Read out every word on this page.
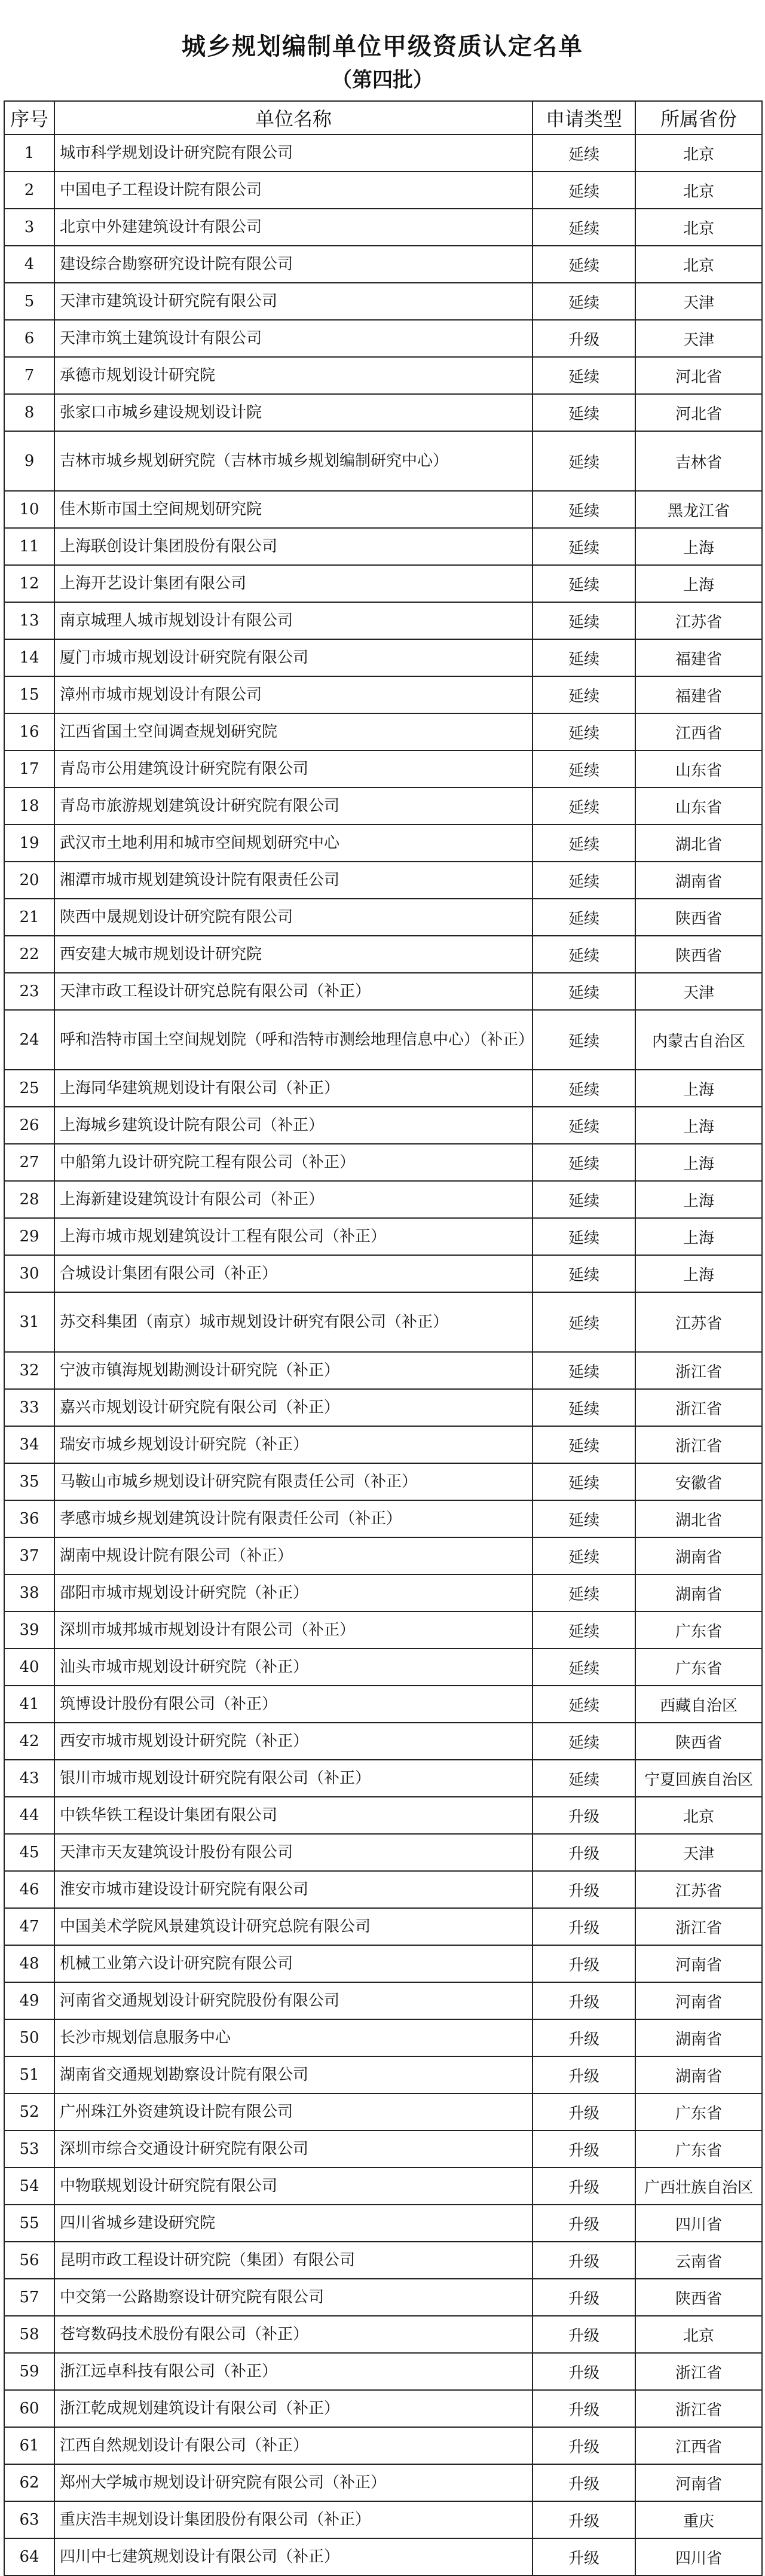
城乡规划编制单位甲级资质认定名单
（第四批）
序号	单位名称	申请类型	所属省份
1	城市科学规划设计研究院有限公司	延续	北京
2	中国电子工程设计院有限公司	延续	北京
3	北京中外建建筑设计有限公司	延续	北京
4	建设综合勘察研究设计院有限公司	延续	北京
5	天津市建筑设计研究院有限公司	延续	天津
6	天津市筑土建筑设计有限公司	升级	天津
7	承德市规划设计研究院	延续	河北省
8	张家口市城乡建设规划设计院	延续	河北省
9	吉林市城乡规划研究院（吉林市城乡规划编制研究中心）	延续	吉林省
10	佳木斯市国土空间规划研究院	延续	黑龙江省
11	上海联创设计集团股份有限公司	延续	上海
12	上海开艺设计集团有限公司	延续	上海
13	南京城理人城市规划设计有限公司	延续	江苏省
14	厦门市城市规划设计研究院有限公司	延续	福建省
15	漳州市城市规划设计有限公司	延续	福建省
16	江西省国土空间调查规划研究院	延续	江西省
17	青岛市公用建筑设计研究院有限公司	延续	山东省
18	青岛市旅游规划建筑设计研究院有限公司	延续	山东省
19	武汉市土地利用和城市空间规划研究中心	延续	湖北省
20	湘潭市城市规划建筑设计院有限责任公司	延续	湖南省
21	陕西中晟规划设计研究院有限公司	延续	陕西省
22	西安建大城市规划设计研究院	延续	陕西省
23	天津市政工程设计研究总院有限公司（补正）	延续	天津
24	呼和浩特市国土空间规划院（呼和浩特市测绘地理信息中心）（补正）	延续	内蒙古自治区
25	上海同华建筑规划设计有限公司（补正）	延续	上海
26	上海城乡建筑设计院有限公司（补正）	延续	上海
27	中船第九设计研究院工程有限公司（补正）	延续	上海
28	上海新建设建筑设计有限公司（补正）	延续	上海
29	上海市城市规划建筑设计工程有限公司（补正）	延续	上海
30	合城设计集团有限公司（补正）	延续	上海
31	苏交科集团（南京）城市规划设计研究有限公司（补正）	延续	江苏省
32	宁波市镇海规划勘测设计研究院（补正）	延续	浙江省
33	嘉兴市规划设计研究院有限公司（补正）	延续	浙江省
34	瑞安市城乡规划设计研究院（补正）	延续	浙江省
35	马鞍山市城乡规划设计研究院有限责任公司（补正）	延续	安徽省
36	孝感市城乡规划建筑设计院有限责任公司（补正）	延续	湖北省
37	湖南中规设计院有限公司（补正）	延续	湖南省
38	邵阳市城市规划设计研究院（补正）	延续	湖南省
39	深圳市城邦城市规划设计有限公司（补正）	延续	广东省
40	汕头市城市规划设计研究院（补正）	延续	广东省
41	筑博设计股份有限公司（补正）	延续	西藏自治区
42	西安市城市规划设计研究院（补正）	延续	陕西省
43	银川市城市规划设计研究院有限公司（补正）	延续	宁夏回族自治区
44	中铁华铁工程设计集团有限公司	升级	北京
45	天津市天友建筑设计股份有限公司	升级	天津
46	淮安市城市建设设计研究院有限公司	升级	江苏省
47	中国美术学院风景建筑设计研究总院有限公司	升级	浙江省
48	机械工业第六设计研究院有限公司	升级	河南省
49	河南省交通规划设计研究院股份有限公司	升级	河南省
50	长沙市规划信息服务中心	升级	湖南省
51	湖南省交通规划勘察设计院有限公司	升级	湖南省
52	广州珠江外资建筑设计院有限公司	升级	广东省
53	深圳市综合交通设计研究院有限公司	升级	广东省
54	中物联规划设计研究院有限公司	升级	广西壮族自治区
55	四川省城乡建设研究院	升级	四川省
56	昆明市政工程设计研究院（集团）有限公司	升级	云南省
57	中交第一公路勘察设计研究院有限公司	升级	陕西省
58	苍穹数码技术股份有限公司（补正）	升级	北京
59	浙江远卓科技有限公司（补正）	升级	浙江省
60	浙江乾成规划建筑设计有限公司（补正）	升级	浙江省
61	江西自然规划设计有限公司（补正）	升级	江西省
62	郑州大学城市规划设计研究院有限公司（补正）	升级	河南省
63	重庆浩丰规划设计集团股份有限公司（补正）	升级	重庆
64	四川中七建筑规划设计有限公司（补正）	升级	四川省
